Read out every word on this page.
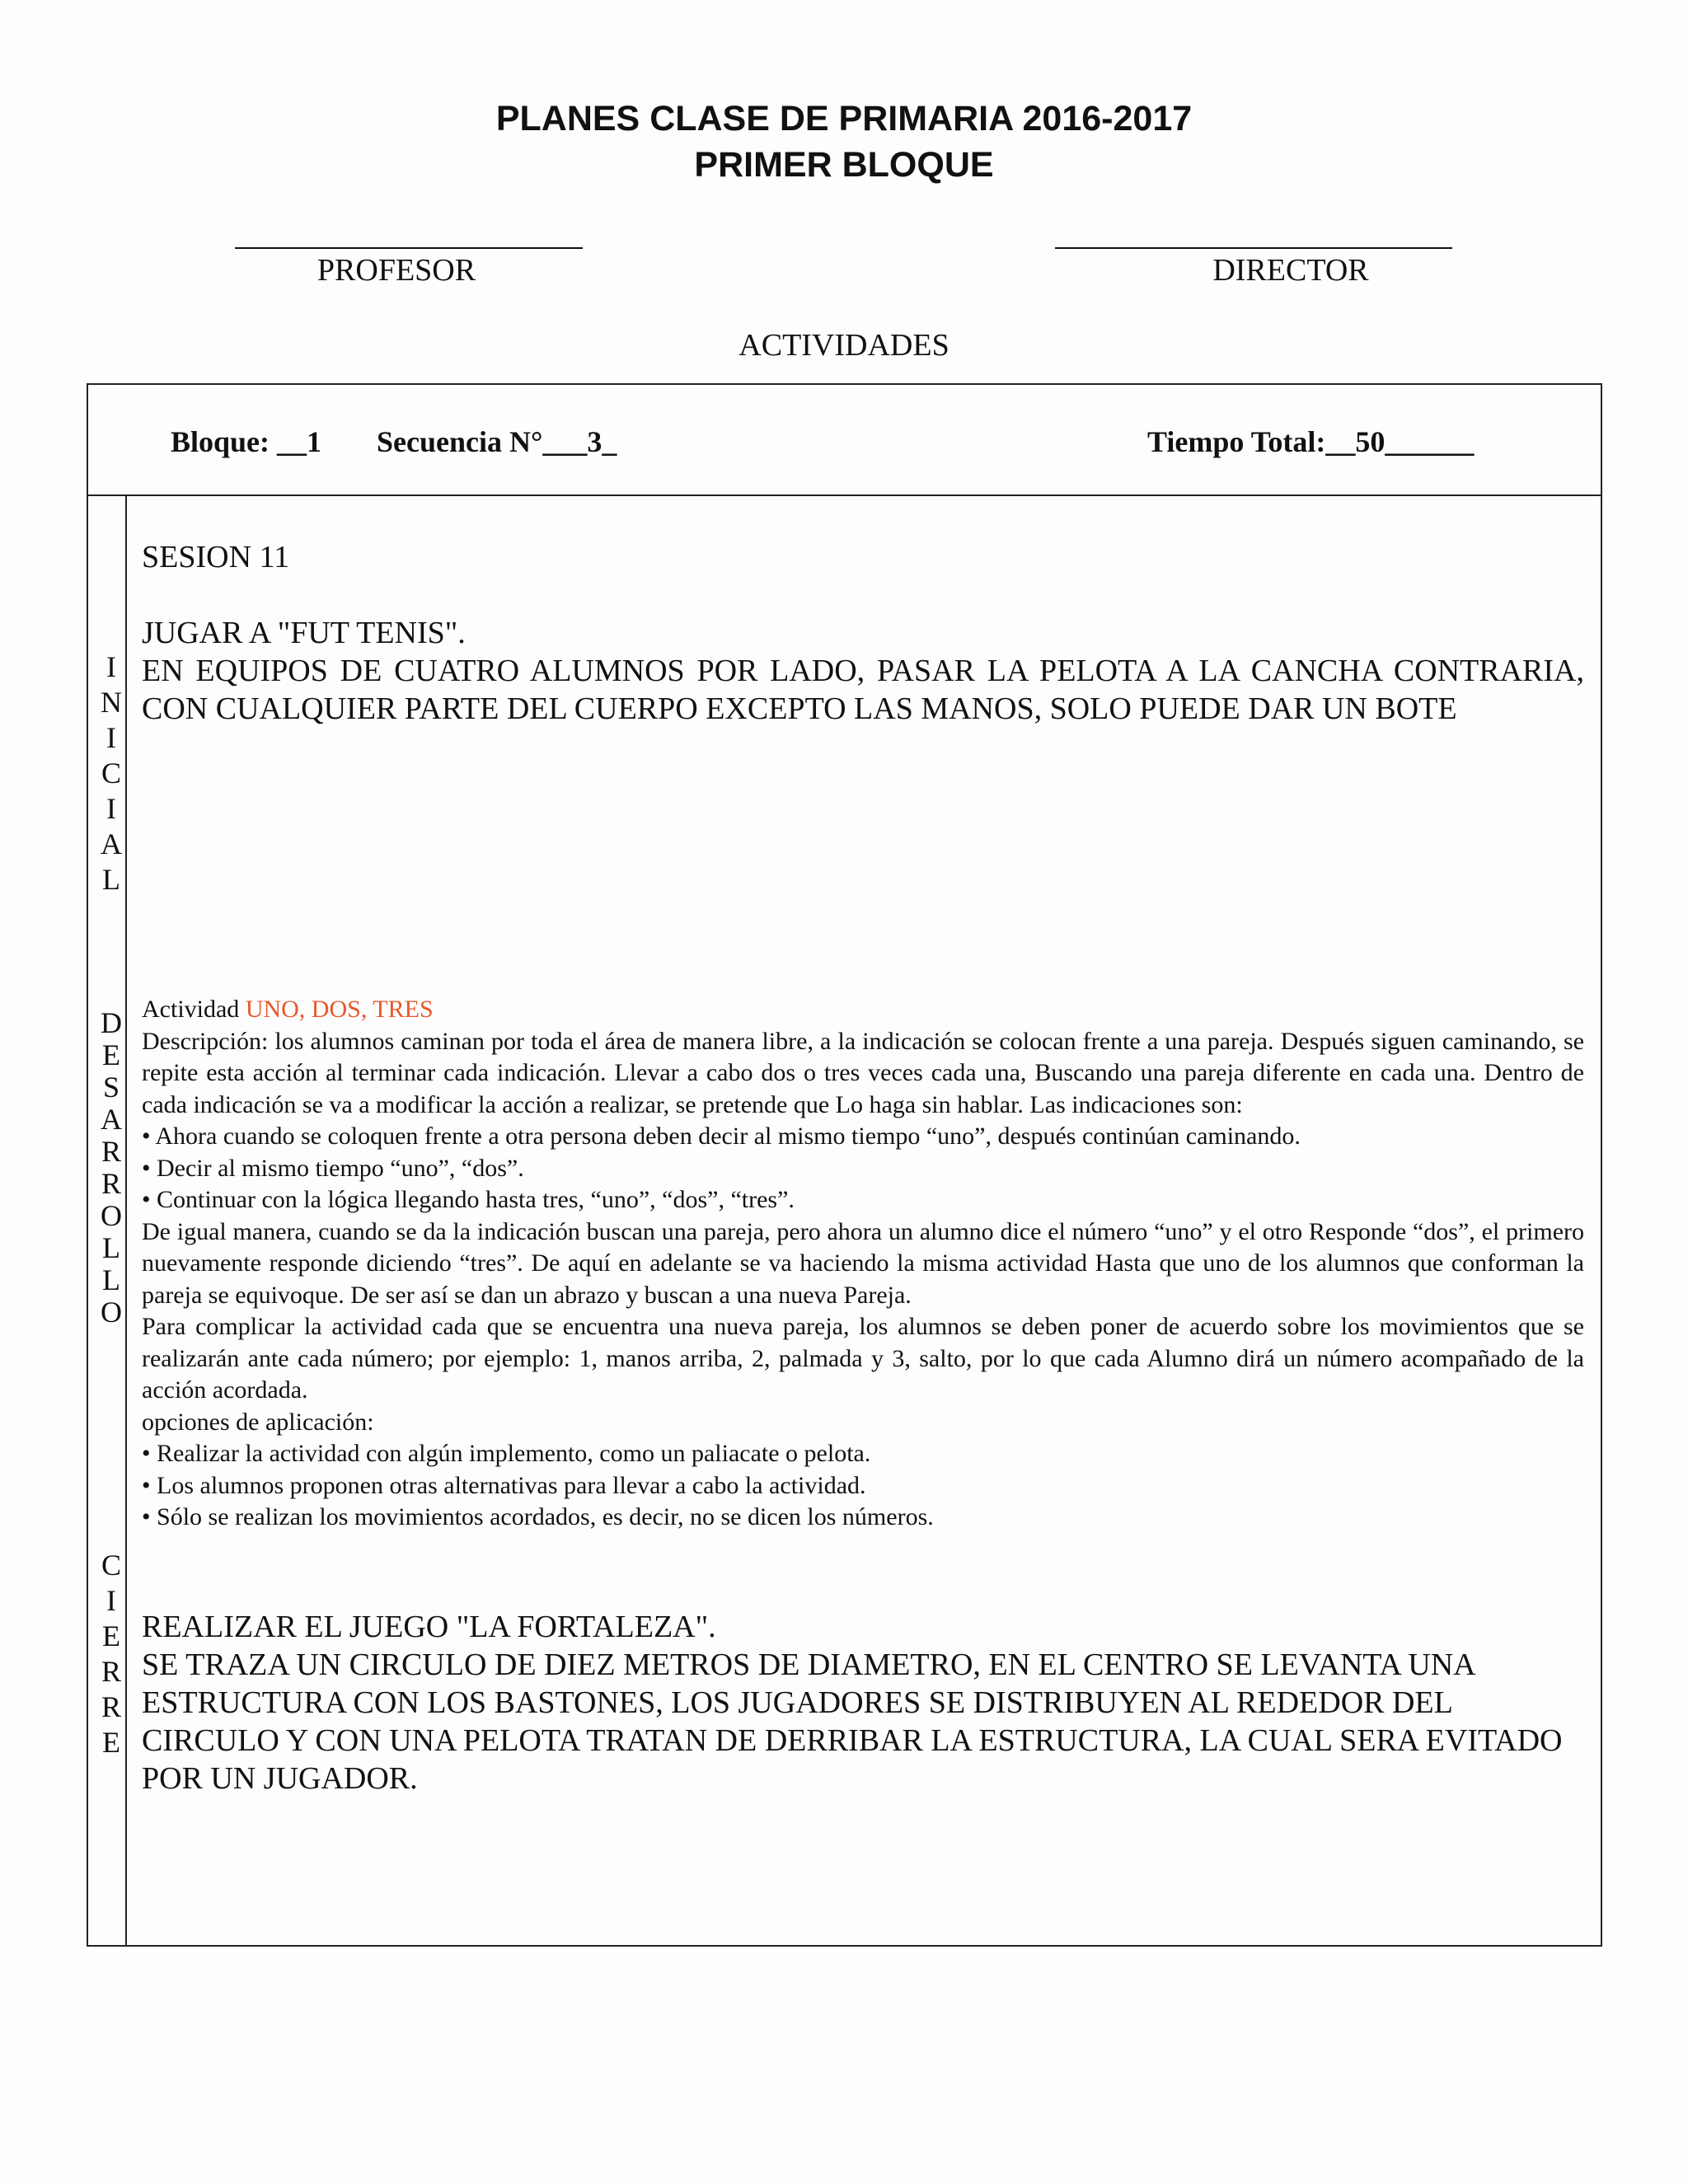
PLANES CLASE DE PRIMARIA 2016-2017
PRIMER BLOQUE
PROFESOR	DIRECTOR
ACTIVIDADES
Bloque: __1 Secuencia N°___3_	Tiempo Total:__50______
I
N
I
C
I
A
L
D
E
S
A
R
R
O
L
L
O
C
I
E
R
R
E

SESION 11

JUGAR A "FUT TENIS".

EN EQUIPOS DE CUATRO ALUMNOS POR LADO, PASAR LA PELOTA A LA CANCHA CONTRARIA, CON CUALQUIER PARTE DEL CUERPO EXCEPTO LAS MANOS, SOLO PUEDE DAR UN BOTE

Actividad UNO, DOS, TRES

Descripción: los alumnos caminan por toda el área de manera libre, a la indicación se colocan frente a una pareja. Después siguen caminando, se repite esta acción al terminar cada indicación. Llevar a cabo dos o tres veces cada una, Buscando una pareja diferente en cada una. Dentro de cada indicación se va a modificar la acción a realizar, se pretende que Lo haga sin hablar. Las indicaciones son:

• Ahora cuando se coloquen frente a otra persona deben decir al mismo tiempo “uno”, después continúan caminando.

• Decir al mismo tiempo “uno”, “dos”.

• Continuar con la lógica llegando hasta tres, “uno”, “dos”, “tres”.

De igual manera, cuando se da la indicación buscan una pareja, pero ahora un alumno dice el número “uno” y el otro Responde “dos”, el primero nuevamente responde diciendo “tres”. De aquí en adelante se va haciendo la misma actividad Hasta que uno de los alumnos que conforman la pareja se equivoque. De ser así se dan un abrazo y buscan a una nueva Pareja.

Para complicar la actividad cada que se encuentra una nueva pareja, los alumnos se deben poner de acuerdo sobre los movimientos que se realizarán ante cada número; por ejemplo: 1, manos arriba, 2, palmada y 3, salto, por lo que cada Alumno dirá un número acompañado de la acción acordada.

opciones de aplicación:

• Realizar la actividad con algún implemento, como un paliacate o pelota.

• Los alumnos proponen otras alternativas para llevar a cabo la actividad.

• Sólo se realizan los movimientos acordados, es decir, no se dicen los números.

REALIZAR EL JUEGO "LA FORTALEZA".

SE TRAZA UN CIRCULO DE DIEZ METROS DE DIAMETRO, EN EL CENTRO SE LEVANTA UNA ESTRUCTURA CON LOS BASTONES, LOS JUGADORES SE DISTRIBUYEN AL REDEDOR DEL CIRCULO Y CON UNA PELOTA TRATAN DE DERRIBAR LA ESTRUCTURA, LA CUAL SERA EVITADO POR UN JUGADOR.
